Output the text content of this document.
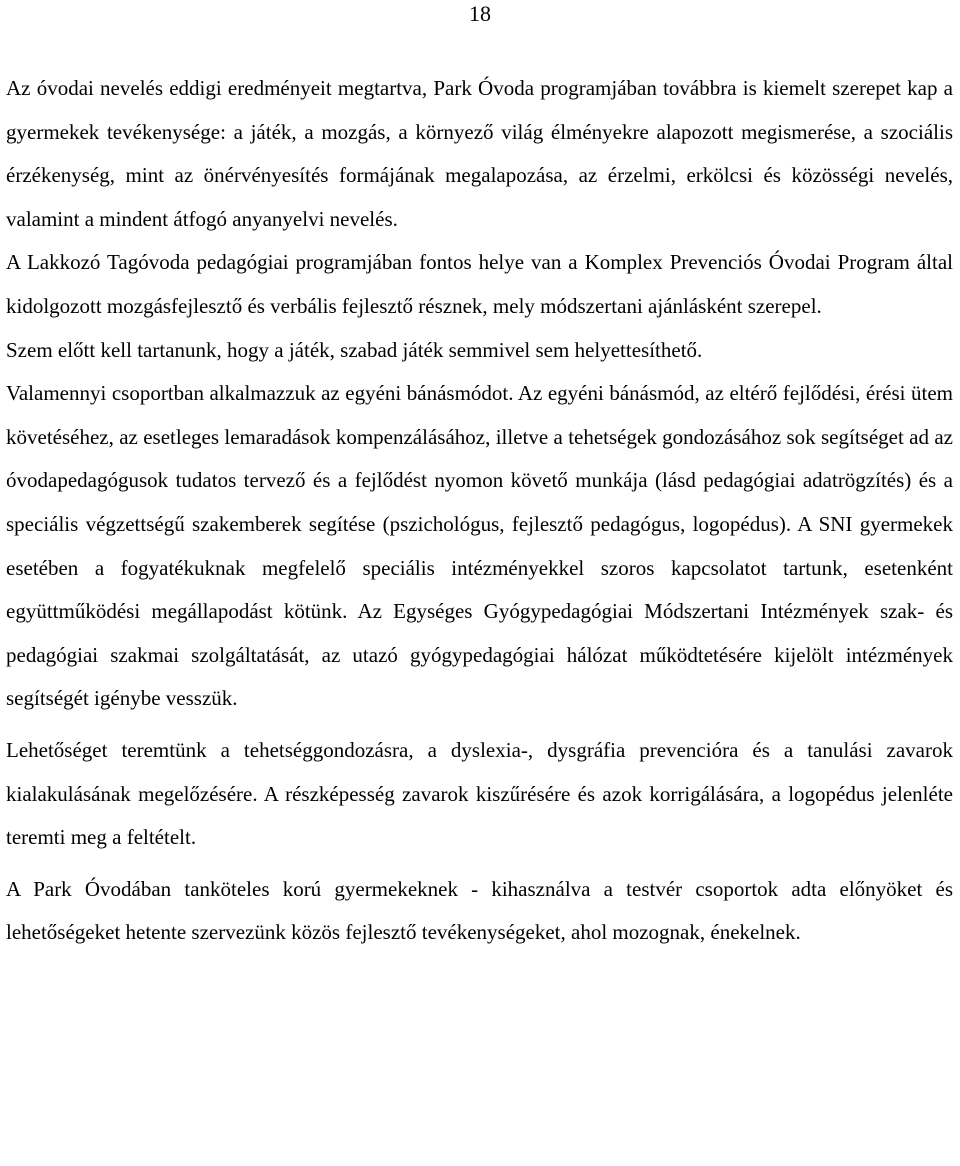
18

Az óvodai nevelés eddigi eredményeit megtartva, Park Óvoda programjában továbbra is kiemelt szerepet kap a gyermekek tevékenysége: a játék, a mozgás, a környező világ élményekre alapozott megismerése, a szociális érzékenység, mint az önérvényesítés formájának megalapozása, az érzelmi, erkölcsi és közösségi nevelés, valamint a mindent átfogó anyanyelvi nevelés.

A Lakkozó Tagóvoda pedagógiai programjában fontos helye van a Komplex Prevenciós Óvodai Program által kidolgozott mozgásfejlesztő és verbális fejlesztő résznek, mely módszertani ajánlásként szerepel.

Szem előtt kell tartanunk, hogy a játék, szabad játék semmivel sem helyettesíthető.

Valamennyi csoportban alkalmazzuk az egyéni bánásmódot. Az egyéni bánásmód, az eltérő fejlődési, érési ütem követéséhez, az esetleges lemaradások kompenzálásához, illetve a tehetségek gondozásához sok segítséget ad az óvodapedagógusok tudatos tervező és a fejlődést nyomon követő munkája (lásd pedagógiai adatrögzítés) és a speciális végzettségű szakemberek segítése (pszichológus, fejlesztő pedagógus, logopédus). A SNI gyermekek esetében a fogyatékuknak megfelelő speciális intézményekkel szoros kapcsolatot tartunk, esetenként együttműködési megállapodást kötünk. Az Egységes Gyógypedagógiai Módszertani Intézmények szak- és pedagógiai szakmai szolgáltatását, az utazó gyógypedagógiai hálózat működtetésére kijelölt intézmények segítségét igénybe vesszük.

Lehetőséget teremtünk a tehetséggondozásra, a dyslexia-, dysgráfia prevencióra és a tanulási zavarok kialakulásának megelőzésére. A részképesség zavarok kiszűrésére és azok korrigálására, a logopédus jelenléte teremti meg a feltételt.

A Park Óvodában tanköteles korú gyermekeknek - kihasználva a testvér csoportok adta előnyöket és lehetőségeket hetente szervezünk közös fejlesztő tevékenységeket, ahol mozognak, énekelnek.
